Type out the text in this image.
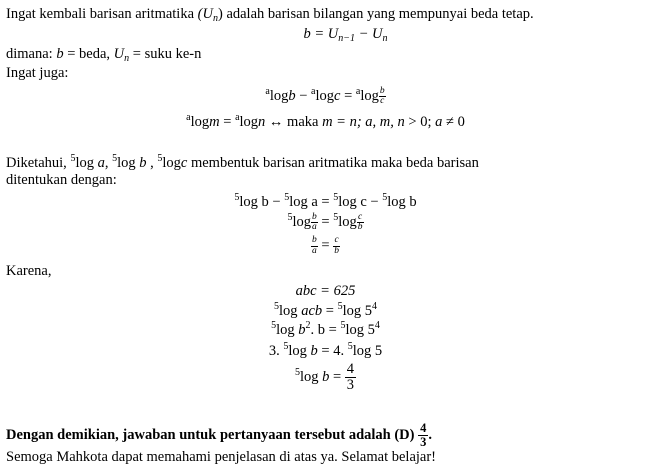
Ingat kembali barisan aritmatika $(U_n)$ adalah barisan bilangan yang mempunyai beda tetap.
$b = U_{n-1} - U_n$
dimana: b = beda, $U_n$ = suku ke-n
Ingat juga:
$^a\log b - ^a\log c = ^a\log \frac{b}{c}$
$^a$logm = $^a$logn ↔ maka m = n; a, m, n > 0; a ≠ 0
Diketahui, $^5$log a, $^5$log b , $^5$logc membentuk barisan aritmatika maka beda barisan
ditentukan dengan:
$^5$log b − $^5$log a = $^5$log c − $^5$log b
$^5\log \frac{b}{a} = ^5\log \frac{c}{b}$
$\frac{b}{a} = \frac{c}{b}$
Karena,
abc = 625
$^5$log acb = $^5$log $5^4$
$^5$log $b^2$. b = $^5$log $5^4$
3. $^5$log b = 4. $^5$log 5
$^5$log $b = \frac{4}{3}$
Dengan demikian, jawaban untuk pertanyaan tersebut adalah $(D) \frac{4}{3}$ .
Semoga Mahkota dapat memahami penjelasan di atas ya. Selamat belajar!
